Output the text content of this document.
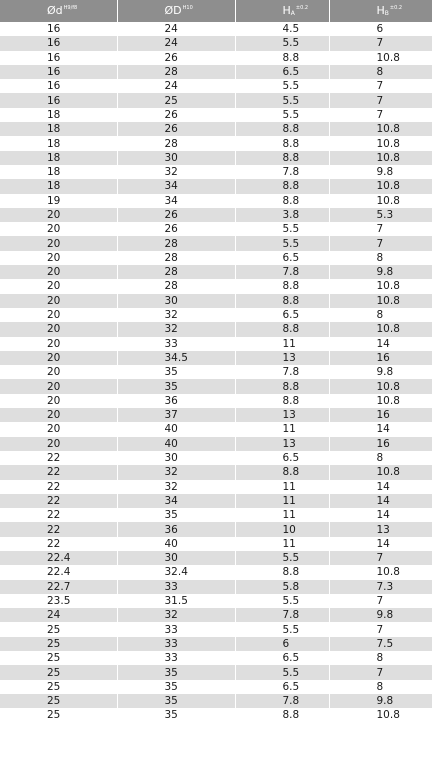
$Ød^{H9/f8}$	$ØD^{H10}$	$H_A^{\pm 0.2}$	$H_B^{\pm 0.2}$
16	24	4.5	6
16	24	5.5	7
16	26	8.8	10.8
16	28	6.5	8
16	24	5.5	7
16	25	5.5	7
18	26	5.5	7
18	26	8.8	10.8
18	28	8.8	10.8
18	30	8.8	10.8
18	32	7.8	9.8
18	34	8.8	10.8
19	34	8.8	10.8
20	26	3.8	5.3
20	26	5.5	7
20	28	5.5	7
20	28	6.5	8
20	28	7.8	9.8
20	28	8.8	10.8
20	30	8.8	10.8
20	32	6.5	8
20	32	8.8	10.8
20	33	11	14
20	34.5	13	16
20	35	7.8	9.8
20	35	8.8	10.8
20	36	8.8	10.8
20	37	13	16
20	40	11	14
20	40	13	16
22	30	6.5	8
22	32	8.8	10.8
22	32	11	14
22	34	11	14
22	35	11	14
22	36	10	13
22	40	11	14
22.4	30	5.5	7
22.4	32.4	8.8	10.8
22.7	33	5.8	7.3
23.5	31.5	5.5	7
24	32	7.8	9.8
25	33	5.5	7
25	33	6	7.5
25	33	6.5	8
25	35	5.5	7
25	35	6.5	8
25	35	7.8	9.8
25	35	8.8	10.8
